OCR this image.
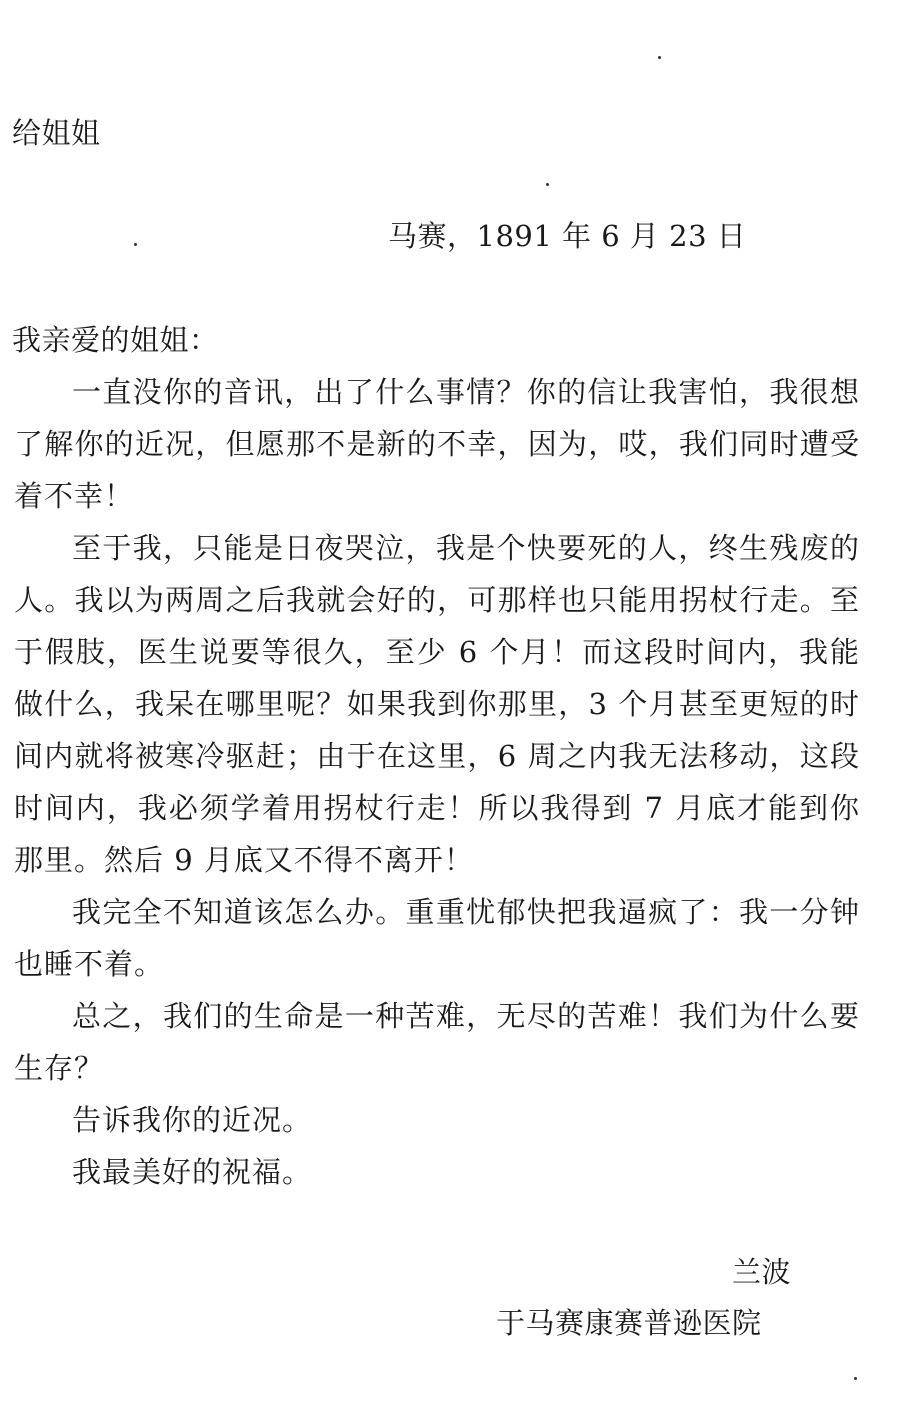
给姐姐
马赛，1891 年 6 月 23 日
我亲爱的姐姐：

一直没你的音讯，出了什么事情？你的信让我害怕，我很想了解你的近况，但愿那不是新的不幸，因为，哎，我们同时遭受着不幸！

至于我，只能是日夜哭泣，我是个快要死的人，终生残废的人。我以为两周之后我就会好的，可那样也只能用拐杖行走。至于假肢，医生说要等很久，至少 6 个月！而这段时间内，我能做什么，我呆在哪里呢？如果我到你那里，3 个月甚至更短的时间内就将被寒冷驱赶；由于在这里，6 周之内我无法移动，这段时间内，我必须学着用拐杖行走！所以我得到 7 月底才能到你那里。然后 9 月底又不得不离开！

我完全不知道该怎么办。重重忧郁快把我逼疯了：我一分钟也睡不着。

总之，我们的生命是一种苦难，无尽的苦难！我们为什么要生存？

告诉我你的近况。

我最美好的祝福。

兰波
于马赛康赛普逊医院
